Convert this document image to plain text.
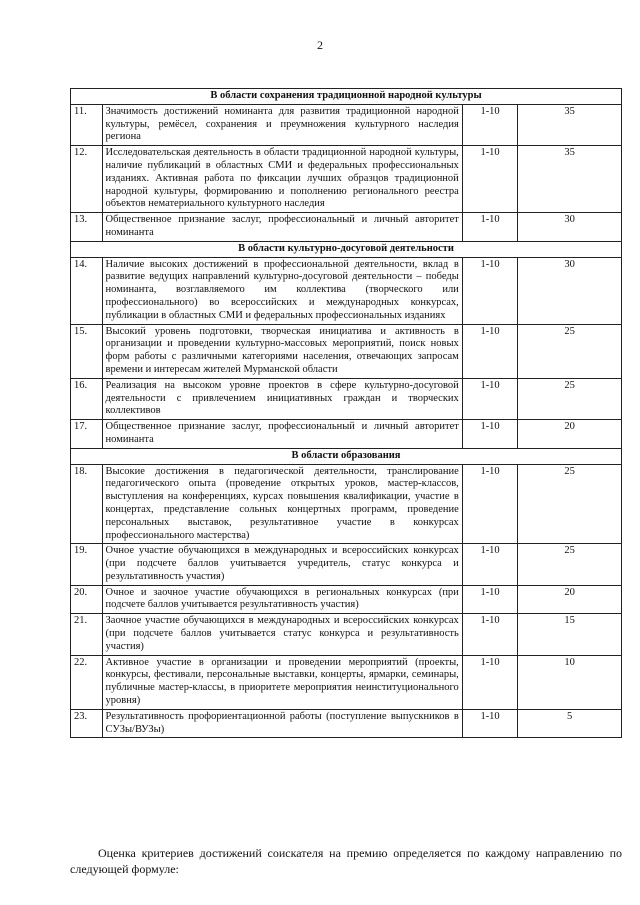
2
В области сохранения традиционной народной культуры			
11.	Значимость достижений номинанта для развития традиционной народной культуры, ремёсел, сохранения и преумножения культурного наследия региона	1-10	35
12.	Исследовательская деятельность в области традиционной народной культуры, наличие публикаций в областных СМИ и федеральных профессиональных изданиях. Активная работа по фиксации лучших образцов традиционной народной культуры, формированию и пополнению регионального реестра объектов нематериального культурного наследия	1-10	35
13.	Общественное признание заслуг, профессиональный и личный авторитет номинанта	1-10	30
В области культурно-досуговой деятельности			
14.	Наличие высоких достижений в профессиональной деятельности, вклад в развитие ведущих направлений культурно-досуговой деятельности – победы номинанта, возглавляемого им коллектива (творческого или профессионального) во всероссийских и международных конкурсах, публикации в областных СМИ и федеральных профессиональных изданиях	1-10	30
15.	Высокий уровень подготовки, творческая инициатива и активность в организации и проведении культурно-массовых мероприятий, поиск новых форм работы с различными категориями населения, отвечающих запросам времени и интересам жителей Мурманской области	1-10	25
16.	Реализация на высоком уровне проектов в сфере культурно-досуговой деятельности с привлечением инициативных граждан и творческих коллективов	1-10	25
17.	Общественное признание заслуг, профессиональный и личный авторитет номинанта	1-10	20
В области образования			
18.	Высокие достижения в педагогической деятельности, транслирование педагогического опыта (проведение открытых уроков, мастер-классов, выступления на конференциях, курсах повышения квалификации, участие в концертах, представление сольных концертных программ, проведение персональных выставок, результативное участие в конкурсах профессионального мастерства)	1-10	25
19.	Очное участие обучающихся в международных и всероссийских конкурсах (при подсчете баллов учитывается учредитель, статус конкурса и результативность участия)	1-10	25
20.	Очное и заочное участие обучающихся в региональных конкурсах (при подсчете баллов учитывается результативность участия)	1-10	20
21.	Заочное участие обучающихся в международных и всероссийских конкурсах (при подсчете баллов учитывается статус конкурса и результативность участия)	1-10	15
22.	Активное участие в организации и проведении мероприятий (проекты, конкурсы, фестивали, персональные выставки, концерты, ярмарки, семинары, публичные мастер-классы, в приоритете мероприятия неинституционального уровня)	1-10	10
23.	Результативность профориентационной работы (поступление выпускников в СУЗы/ВУЗы)	1-10	5

Оценка критериев достижений соискателя на премию определяется по каждому направлению по следующей формуле:
